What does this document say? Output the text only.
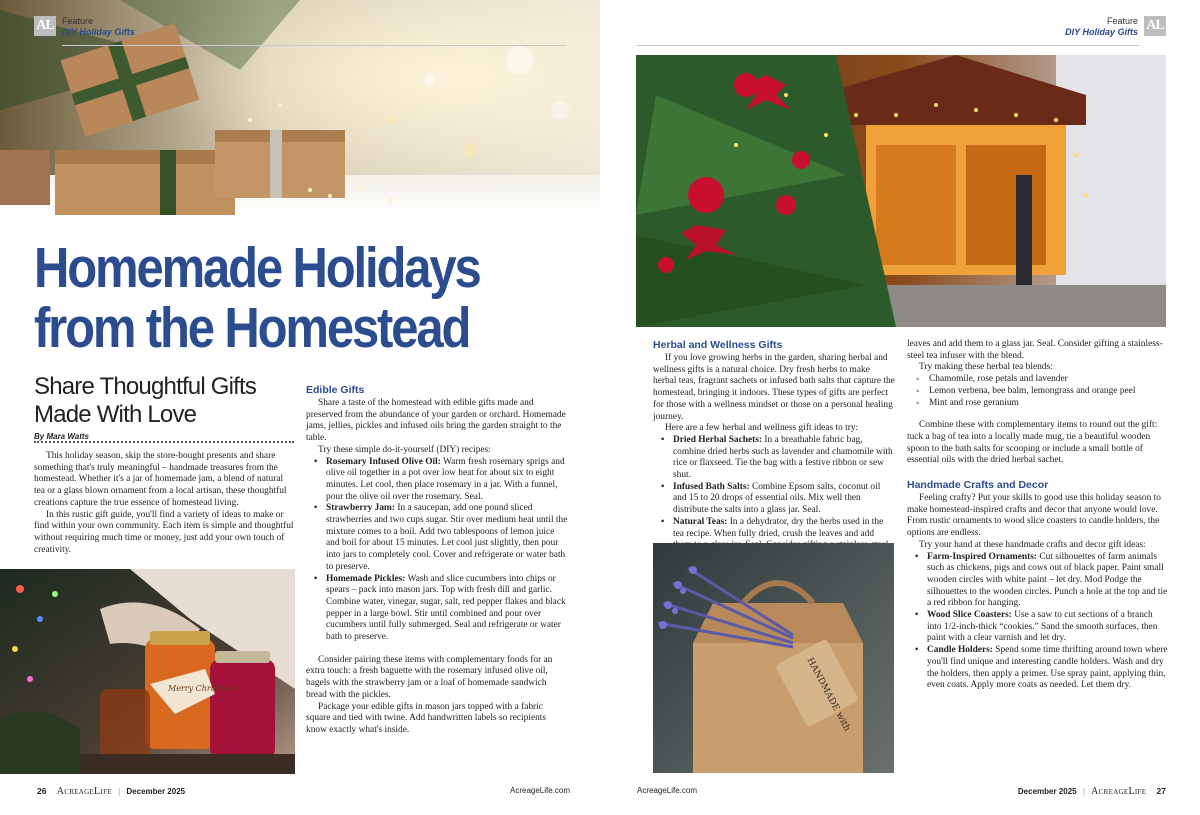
AL Feature
DIY Holiday Gifts
Homemade Holidays
from the Homestead
Share Thoughtful Gifts
Made With Love
By Mara Watts

This holiday season, skip the store-bought presents and share something that's truly meaningful – handmade treasures from the homestead. Whether it's a jar of homemade jam, a blend of natural tea or a glass blown ornament from a local artisan, these thoughtful creations capture the true essence of homestead living.

In this rustic gift guide, you'll find a variety of ideas to make or find within your own community. Each item is simple and thoughtful without requiring much time or money, just add your own touch of creativity.

Merry Christmas
Edible Gifts

Share a taste of the homestead with edible gifts made and preserved from the abundance of your garden or orchard. Homemade jams, jellies, pickles and infused oils bring the garden straight to the table.

Try these simple do-it-yourself (DIY) recipes:

• Rosemary Infused Olive Oil: Warm fresh rosemary sprigs and olive oil together in a pot over low heat for about six to eight minutes. Let cool, then place rosemary in a jar. With a funnel, pour the olive oil over the rosemary. Seal.
• Strawberry Jam: In a saucepan, add one pound sliced strawberries and two cups sugar. Stir over medium heat until the mixture comes to a boil. Add two tablespoons of lemon juice and boil for about 15 minutes. Let cool just slightly, then pour into jars to completely cool. Cover and refrigerate or water bath to preserve.
• Homemade Pickles: Wash and slice cucumbers into chips or spears – pack into mason jars. Top with fresh dill and garlic. Combine water, vinegar, sugar, salt, red pepper flakes and black pepper in a large bowl. Stir until combined and pour over cucumbers until fully submerged. Seal and refrigerate or water bath to preserve.

Consider pairing these items with complementary foods for an extra touch: a fresh baguette with the rosemary infused olive oil, bagels with the strawberry jam or a loaf of homemade sandwich bread with the pickles.

Package your edible gifts in mason jars topped with a fabric square and tied with twine. Add handwritten labels so recipients know exactly what's inside.

26 AcreageLife | December 2025	AcreageLife.com
Feature
DIY Holiday Gifts AL
Herbal and Wellness Gifts

If you love growing herbs in the garden, sharing herbal and wellness gifts is a natural choice. Dry fresh herbs to make herbal teas, fragrant sachets or infused bath salts that capture the homestead, bringing it indoors. These types of gifts are perfect for those with a wellness mindset or those on a personal healing journey.

Here are a few herbal and wellness gift ideas to try:

• Dried Herbal Sachets: In a breathable fabric bag, combine dried herbs such as lavender and chamomile with rice or flaxseed. Tie the bag with a festive ribbon or sew shut.
• Infused Bath Salts: Combine Epsom salts, coconut oil and 15 to 20 drops of essential oils. Mix well then distribute the salts into a glass jar. Seal.
• Natural Teas: In a dehydrator, dry the herbs used in the tea recipe. When fully dried, crush the leaves and add
HANDMADE with

leaves and add them to a glass jar. Seal. Consider gifting a stainless-steel tea infuser with the blend.

Try making these herbal tea blends:

◦ Chamomile, rose petals and lavender
◦ Lemon verbena, bee balm, lemongrass and orange peel
◦ Mint and rose geranium

Combine these with complementary items to round out the gift: tuck a bag of tea into a locally made mug, tie a beautiful wooden spoon to the bath salts for scooping or include a small bottle of essential oils with the dried herbal sachet.

Handmade Crafts and Decor

Feeling crafty? Put your skills to good use this holiday season to make homestead-inspired crafts and decor that anyone would love. From rustic ornaments to wood slice coasters to candle holders, the options are endless.

Try your hand at these handmade crafts and decor gift ideas:

• Farm-Inspired Ornaments: Cut silhouettes of farm animals such as chickens, pigs and cows out of black paper. Paint small wooden circles with white paint – let dry. Mod Podge the silhouettes to the wooden circles. Punch a hole at the top and tie a red ribbon for hanging.
• Wood Slice Coasters: Use a saw to cut sections of a branch into 1/2-inch-thick “cookies.” Sand the smooth surfaces, then paint with a clear varnish and let dry.
• Candle Holders: Spend some time thrifting around town where you'll find unique and interesting candle holders. Wash and dry the holders, then apply a primer. Use spray paint, applying thin, even coats. Apply more coats as needed. Let them dry.
AcreageLife.com	December 2025 | AcreageLife 27
